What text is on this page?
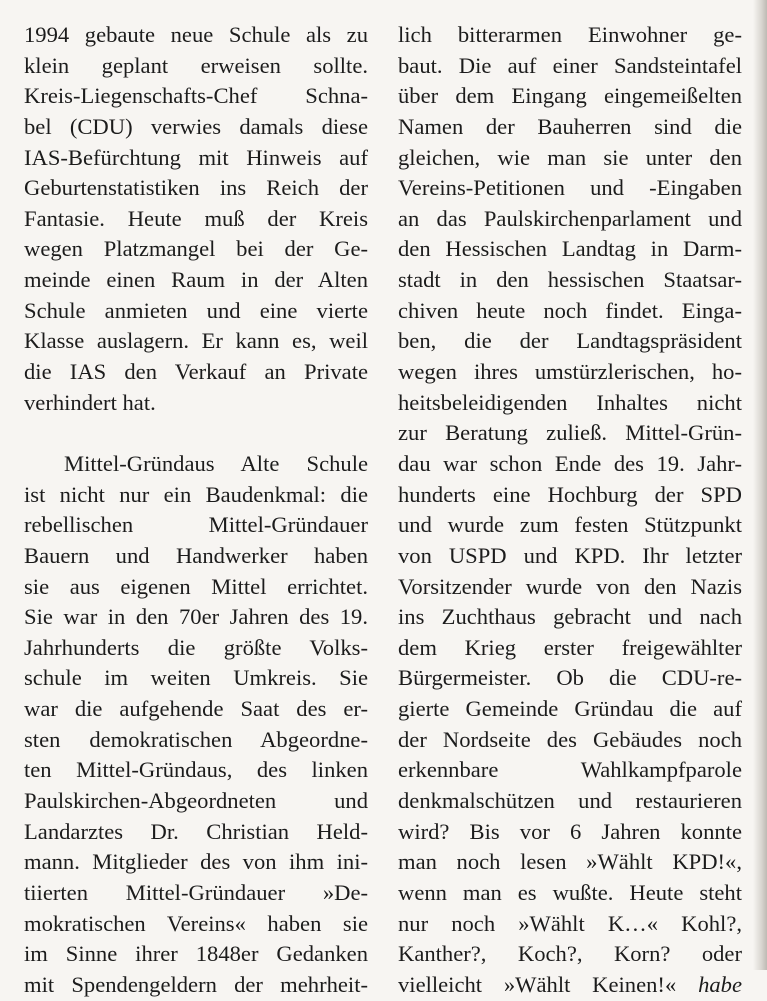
1994 gebaute neue Schule als zu
klein geplant erweisen sollte.
Kreis-Liegenschafts-Chef Schna-
bel (CDU) verwies damals diese
IAS-Befürchtung mit Hinweis auf
Geburtenstatistiken ins Reich der
Fantasie. Heute muß der Kreis
wegen Platzmangel bei der Ge-
meinde einen Raum in der Alten
Schule anmieten und eine vierte
Klasse auslagern. Er kann es, weil
die IAS den Verkauf an Private
verhindert hat.
Mittel-Gründaus Alte Schule
ist nicht nur ein Baudenkmal: die
rebellischen Mittel-Gründauer
Bauern und Handwerker haben
sie aus eigenen Mittel errichtet.
Sie war in den 70er Jahren des 19.
Jahrhunderts die größte Volks-
schule im weiten Umkreis. Sie
war die aufgehende Saat des er-
sten demokratischen Abgeordne-
ten Mittel-Gründaus, des linken
Paulskirchen-Abgeordneten und
Landarztes Dr. Christian Held-
mann. Mitglieder des von ihm ini-
tiierten Mittel-Gründauer »De-
mokratischen Vereins« haben sie
im Sinne ihrer 1848er Gedanken
mit Spendengeldern der mehrheit-
lich bitterarmen Einwohner ge-
baut. Die auf einer Sandsteintafel
über dem Eingang eingemeißelten
Namen der Bauherren sind die
gleichen, wie man sie unter den
Vereins-Petitionen und -Eingaben
an das Paulskirchenparlament und
den Hessischen Landtag in Darm-
stadt in den hessischen Staatsar-
chiven heute noch findet. Einga-
ben, die der Landtagspräsident
wegen ihres umstürzlerischen, ho-
heitsbeleidigenden Inhaltes nicht
zur Beratung zuließ. Mittel-Grün-
dau war schon Ende des 19. Jahr-
hunderts eine Hochburg der SPD
und wurde zum festen Stützpunkt
von USPD und KPD. Ihr letzter
Vorsitzender wurde von den Nazis
ins Zuchthaus gebracht und nach
dem Krieg erster freigewählter
Bürgermeister. Ob die CDU-re-
gierte Gemeinde Gründau die auf
der Nordseite des Gebäudes noch
erkennbare Wahlkampfparole
denkmalschützen und restaurieren
wird? Bis vor 6 Jahren konnte
man noch lesen »Wählt KPD!«,
wenn man es wußte. Heute steht
nur noch »Wählt K…« Kohl?,
Kanther?, Koch?, Korn? oder
vielleicht »Wählt Keinen!« habe
